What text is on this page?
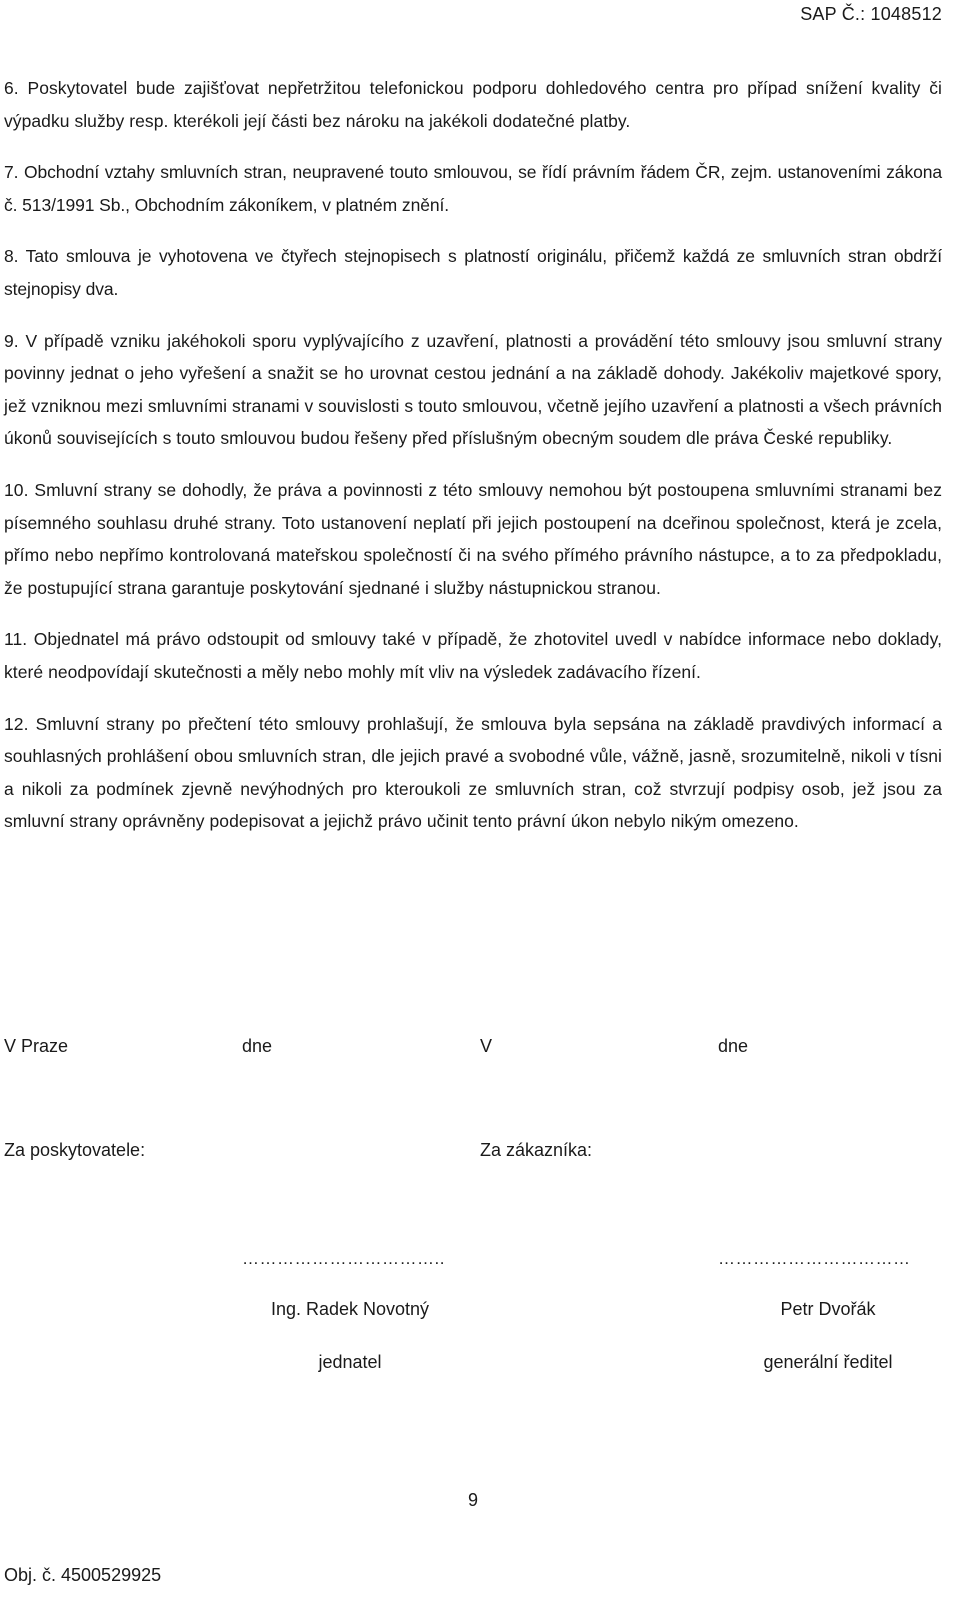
SAP Č.: 1048512

6. Poskytovatel bude zajišťovat nepřetržitou telefonickou podporu dohledového centra pro případ snížení kvality či výpadku služby resp. kterékoli její části bez nároku na jakékoli dodatečné platby.

7. Obchodní vztahy smluvních stran, neupravené touto smlouvou, se řídí právním řádem ČR, zejm. ustanoveními zákona č. 513/1991 Sb., Obchodním zákoníkem, v platném znění.

8. Tato smlouva je vyhotovena ve čtyřech stejnopisech s platností originálu, přičemž každá ze smluvních stran obdrží stejnopisy dva.

9. V případě vzniku jakéhokoli sporu vyplývajícího z uzavření, platnosti a provádění této smlouvy jsou smluvní strany povinny jednat o jeho vyřešení a snažit se ho urovnat cestou jednání a na základě dohody. Jakékoliv majetkové spory, jež vzniknou mezi smluvními stranami v souvislosti s touto smlouvou, včetně jejího uzavření a platnosti a všech právních úkonů souvisejících s touto smlouvou budou řešeny před příslušným obecným soudem dle práva České republiky.

10. Smluvní strany se dohodly, že práva a povinnosti z této smlouvy nemohou být postoupena smluvními stranami bez písemného souhlasu druhé strany. Toto ustanovení neplatí při jejich postoupení na dceřinou společnost, která je zcela, přímo nebo nepřímo kontrolovaná mateřskou společností či na svého přímého právního nástupce, a to za předpokladu, že postupující strana garantuje poskytování sjednané i služby nástupnickou stranou.

11. Objednatel má právo odstoupit od smlouvy také v případě, že zhotovitel uvedl v nabídce informace nebo doklady, které neodpovídají skutečnosti a měly nebo mohly mít vliv na výsledek zadávacího řízení.

12. Smluvní strany po přečtení této smlouvy prohlašují, že smlouva byla sepsána na základě pravdivých informací a souhlasných prohlášení obou smluvních stran, dle jejich pravé a svobodné vůle, vážně, jasně, srozumitelně, nikoli v tísni a nikoli za podmínek zjevně nevýhodných pro kteroukoli ze smluvních stran, což stvrzují podpisy osob, jež jsou za smluvní strany oprávněny podepisovat a jejichž právo učinit tento právní úkon nebylo nikým omezeno.

V Praze	dne	V	dne
Za poskytovatele:	Za zákazníka:
……………………………..	……………………………
Ing. Radek Novotný
jednatel
Petr Dvořák
generální ředitel
9
Obj. č. 4500529925
